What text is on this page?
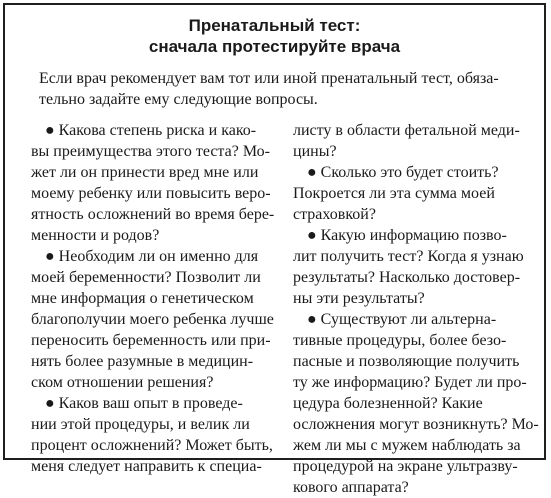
Пренатальный тест:
сначала протестируйте врача
Если врач рекомендует вам тот или иной пренатальный тест, обяза-
тельно задайте ему следующие вопросы.
● Какова степень риска и како-
вы преимущества этого теста? Мо-
жет ли он принести вред мне или
моему ребенку или повысить веро-
ятность осложнений во время бере-
менности и родов?
● Необходим ли он именно для
моей беременности? Позволит ли
мне информация о генетическом
благополучии моего ребенка лучше
переносить беременность или при-
нять более разумные в медицин-
ском отношении решения?
● Каков ваш опыт в проведе-
нии этой процедуры, и велик ли
процент осложнений? Может быть,
меня следует направить к специа-
листу в области фетальной меди-
цины?
● Сколько это будет стоить?
Покроется ли эта сумма моей
страховкой?
● Какую информацию позво-
лит получить тест? Когда я узнаю
результаты? Насколько достовер-
ны эти результаты?
● Существуют ли альтерна-
тивные процедуры, более безо-
пасные и позволяющие получить
ту же информацию? Будет ли про-
цедура болезненной? Какие
осложнения могут возникнуть? Мо-
жем ли мы с мужем наблюдать за
процедурой на экране ультразву-
кового аппарата?
